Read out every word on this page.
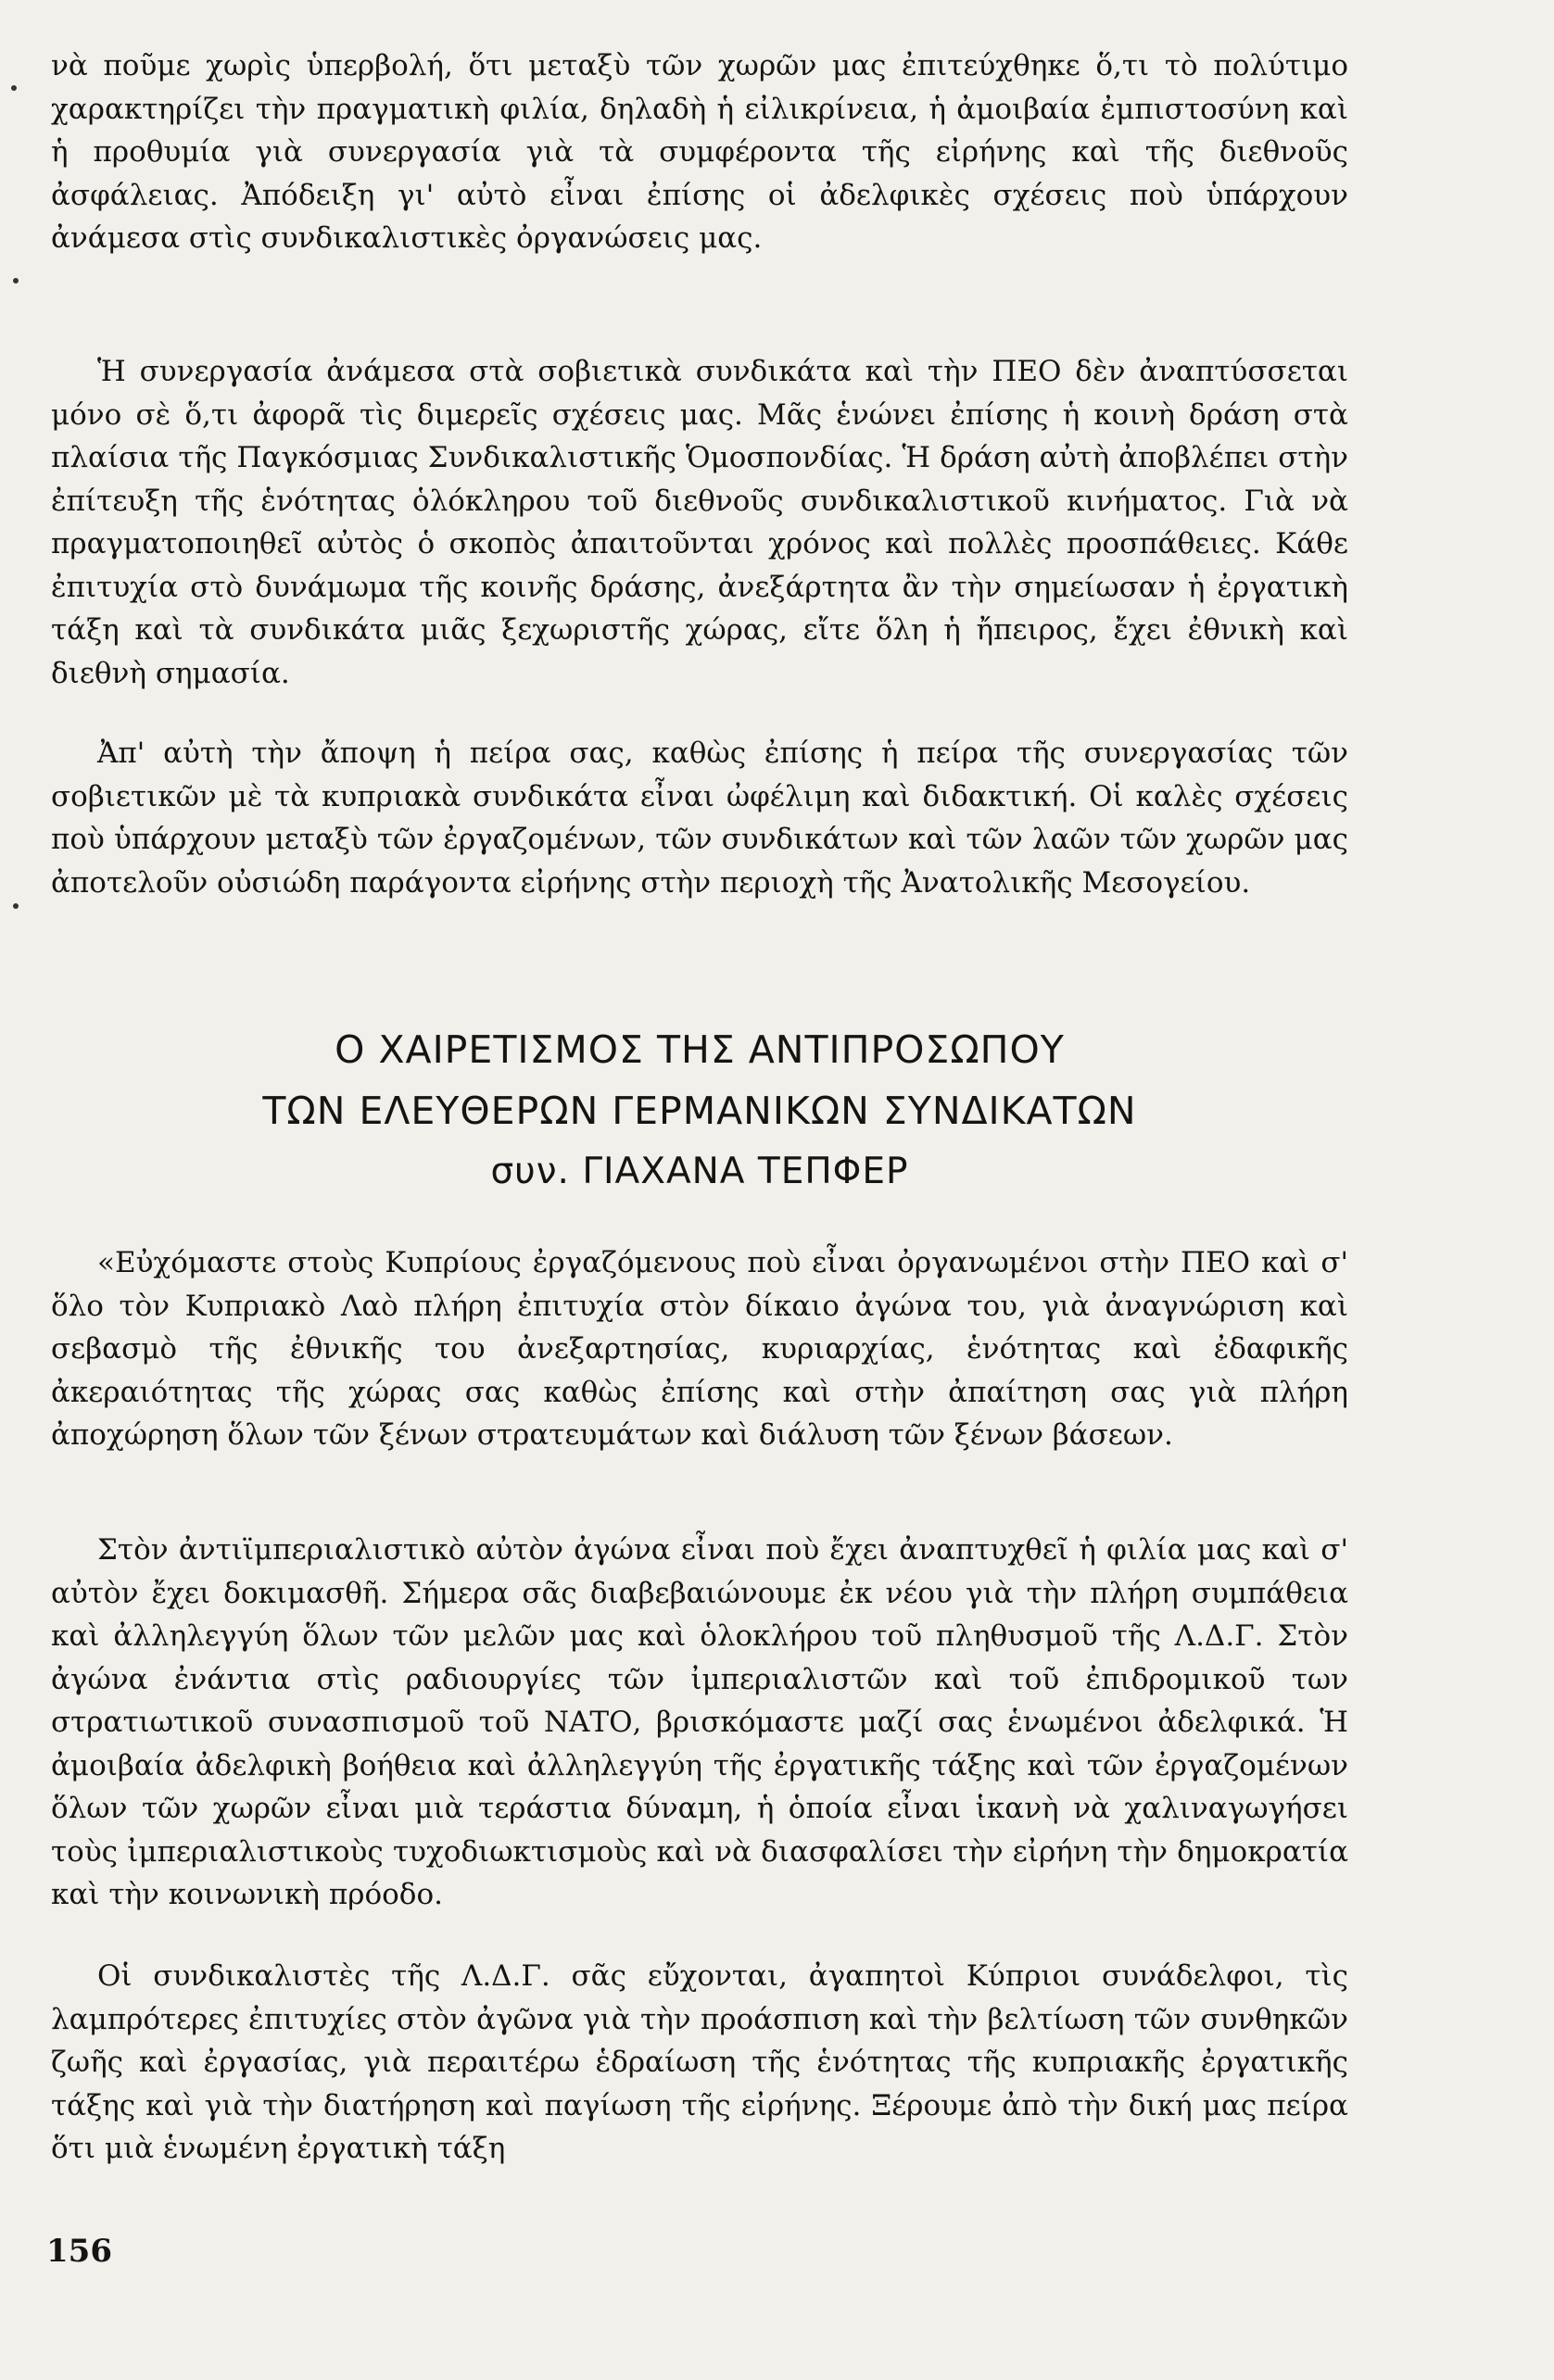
νὰ ποῦμε χωρὶς ὑπερβολή, ὅτι μεταξὺ τῶν χωρῶν μας ἐπιτεύχθηκε ὅ,τι τὸ πολύτιμο χαρακτηρίζει τὴν πραγματικὴ φιλία, δηλαδὴ ἡ εἰλικρίνεια, ἡ ἀμοιβαία ἐμπιστοσύνη καὶ ἡ προθυμία γιὰ συνεργασία γιὰ τὰ συμφέροντα τῆς εἰρήνης καὶ τῆς διεθνοῦς ἀσφάλειας. Ἀπόδειξη γι' αὐτὸ εἶναι ἐπίσης οἱ ἀδελφικὲς σχέσεις ποὺ ὑπάρχουν ἀνάμεσα στὶς συνδικαλιστικὲς ὀργανώσεις μας.

Ἡ συνεργασία ἀνάμεσα στὰ σοβιετικὰ συνδικάτα καὶ τὴν ΠΕΟ δὲν ἀναπτύσσεται μόνο σὲ ὅ,τι ἀφορᾶ τὶς διμερεῖς σχέσεις μας. Μᾶς ἑνώνει ἐπίσης ἡ κοινὴ δράση στὰ πλαίσια τῆς Παγκόσμιας Συνδικαλιστικῆς Ὁμοσπονδίας. Ἡ δράση αὐτὴ ἀποβλέπει στὴν ἐπίτευξη τῆς ἑνότητας ὁλόκληρου τοῦ διεθνοῦς συνδικαλιστικοῦ κινήματος. Γιὰ νὰ πραγματοποιηθεῖ αὐτὸς ὁ σκοπὸς ἀπαιτοῦνται χρόνος καὶ πολλὲς προσπάθειες. Κάθε ἐπιτυχία στὸ δυνάμωμα τῆς κοινῆς δράσης, ἀνεξάρτητα ἂν τὴν σημείωσαν ἡ ἐργατικὴ τάξη καὶ τὰ συνδικάτα μιᾶς ξεχωριστῆς χώρας, εἴτε ὅλη ἡ ἤπειρος, ἔχει ἐθνικὴ καὶ διεθνὴ σημασία.

Ἀπ' αὐτὴ τὴν ἄποψη ἡ πείρα σας, καθὼς ἐπίσης ἡ πείρα τῆς συνεργασίας τῶν σοβιετικῶν μὲ τὰ κυπριακὰ συνδικάτα εἶναι ὠφέλιμη καὶ διδακτική. Οἱ καλὲς σχέσεις ποὺ ὑπάρχουν μεταξὺ τῶν ἐργαζομένων, τῶν συνδικάτων καὶ τῶν λαῶν τῶν χωρῶν μας ἀποτελοῦν οὐσιώδη παράγοντα εἰρήνης στὴν περιοχὴ τῆς Ἀνατολικῆς Μεσογείου.

Ο ΧΑΙΡΕΤΙΣΜΟΣ ΤΗΣ ΑΝΤΙΠΡΟΣΩΠΟΥ
ΤΩΝ ΕΛΕΥΘΕΡΩΝ ΓΕΡΜΑΝΙΚΩΝ ΣΥΝΔΙΚΑΤΩΝ
συν. ΓΙΑΧΑΝΑ ΤΕΠΦΕΡ

«Εὐχόμαστε στοὺς Κυπρίους ἐργαζόμενους ποὺ εἶναι ὀργανωμένοι στὴν ΠΕΟ καὶ σ' ὅλο τὸν Κυπριακὸ Λαὸ πλήρη ἐπιτυχία στὸν δίκαιο ἀγώνα του, γιὰ ἀναγνώριση καὶ σεβασμὸ τῆς ἐθνικῆς του ἀνεξαρτησίας, κυριαρχίας, ἑνότητας καὶ ἐδαφικῆς ἀκεραιότητας τῆς χώρας σας καθὼς ἐπίσης καὶ στὴν ἀπαίτηση σας γιὰ πλήρη ἀποχώρηση ὅλων τῶν ξένων στρατευμάτων καὶ διάλυση τῶν ξένων βάσεων.

Στὸν ἀντιϊμπεριαλιστικὸ αὐτὸν ἀγώνα εἶναι ποὺ ἔχει ἀναπτυχθεῖ ἡ φιλία μας καὶ σ' αὐτὸν ἔχει δοκιμασθῆ. Σήμερα σᾶς διαβεβαιώνουμε ἐκ νέου γιὰ τὴν πλήρη συμπάθεια καὶ ἀλληλεγγύη ὅλων τῶν μελῶν μας καὶ ὁλοκλήρου τοῦ πληθυσμοῦ τῆς Λ.Δ.Γ. Στὸν ἀγώνα ἐνάντια στὶς ραδιουργίες τῶν ἰμπεριαλιστῶν καὶ τοῦ ἐπιδρομικοῦ των στρατιωτικοῦ συνασπισμοῦ τοῦ ΝΑΤΟ, βρισκόμαστε μαζί σας ἑνωμένοι ἀδελφικά. Ἡ ἀμοιβαία ἀδελφικὴ βοήθεια καὶ ἀλληλεγγύη τῆς ἐργατικῆς τάξης καὶ τῶν ἐργαζομένων ὅλων τῶν χωρῶν εἶναι μιὰ τεράστια δύναμη, ἡ ὁποία εἶναι ἱκανὴ νὰ χαλιναγωγήσει τοὺς ἰμπεριαλιστικοὺς τυχοδιωκτισμοὺς καὶ νὰ διασφαλίσει τὴν εἰρήνη τὴν δημοκρατία καὶ τὴν κοινωνικὴ πρόοδο.

Οἱ συνδικαλιστὲς τῆς Λ.Δ.Γ. σᾶς εὔχονται, ἀγαπητοὶ Κύπριοι συνάδελφοι, τὶς λαμπρότερες ἐπιτυχίες στὸν ἀγῶνα γιὰ τὴν προάσπιση καὶ τὴν βελτίωση τῶν συνθηκῶν ζωῆς καὶ ἐργασίας, γιὰ περαιτέρω ἑδραίωση τῆς ἑνότητας τῆς κυπριακῆς ἐργατικῆς τάξης καὶ γιὰ τὴν διατήρηση καὶ παγίωση τῆς εἰρήνης. Ξέρουμε ἀπὸ τὴν δική μας πείρα ὅτι μιὰ ἑνωμένη ἐργατικὴ τάξη

156
